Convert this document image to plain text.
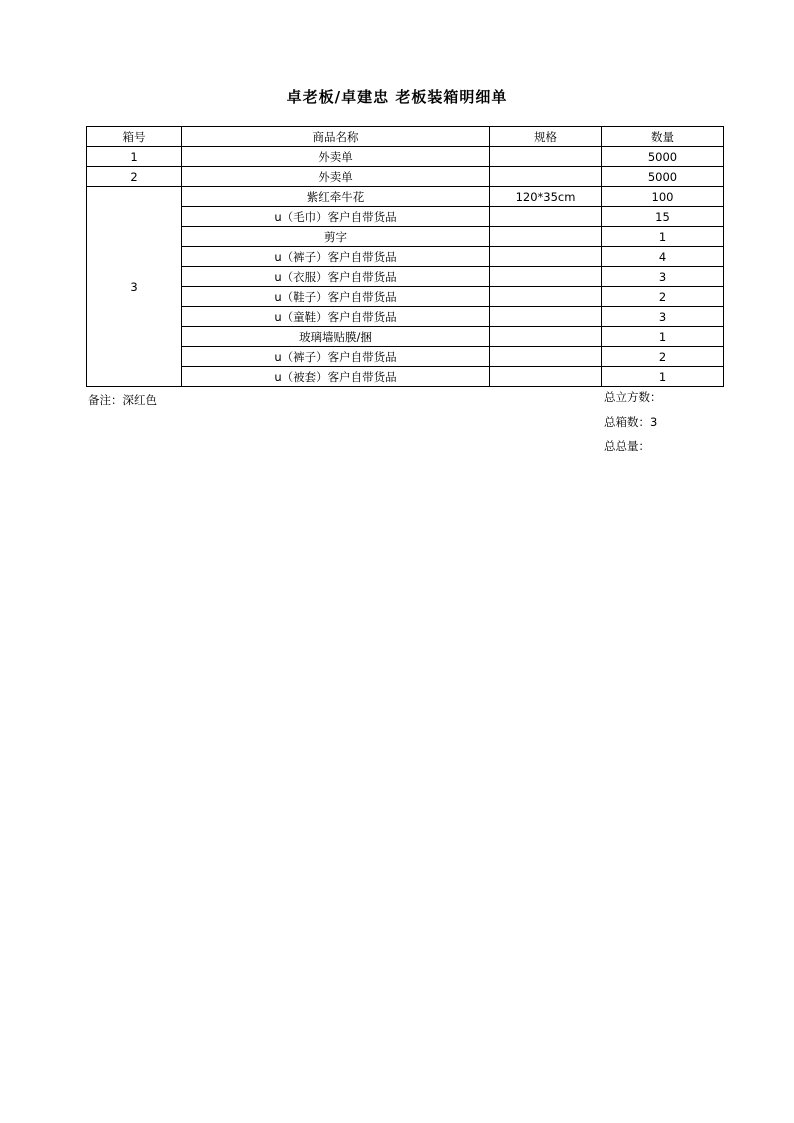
卓老板/卓建忠 老板装箱明细单
箱号	商品名称	规格	数量
1	外卖单		5000
2	外卖单		5000
3	紫红牵牛花	120*35cm	100
	u（毛巾）客户自带货品		15
	剪字		1
	u（裤子）客户自带货品		4
	u（衣服）客户自带货品		3
	u（鞋子）客户自带货品		2
	u（童鞋）客户自带货品		3
	玻璃墙贴膜/捆		1
	u（裤子）客户自带货品		2
	u（被套）客户自带货品		1
备注：深红色	总立方数：
总箱数：3
总总量：
